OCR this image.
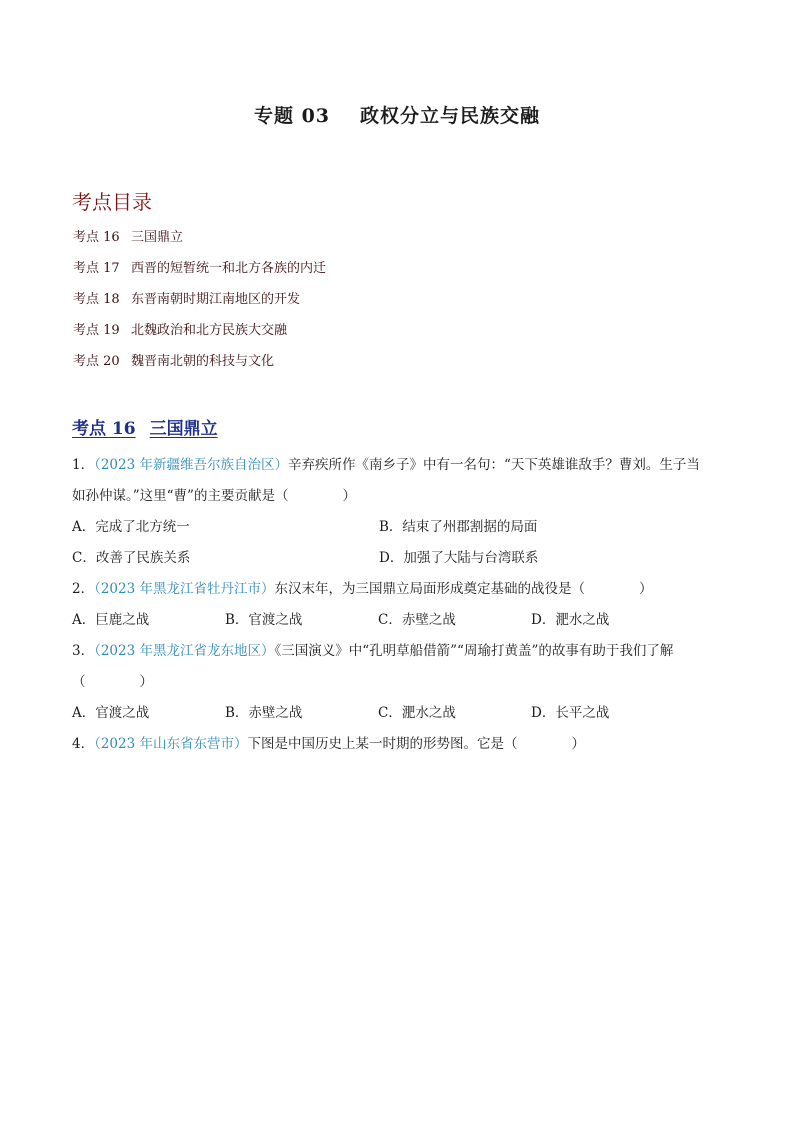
专题 03 政权分立与民族交融
考点目录
考点 16 三国鼎立
考点 17 西晋的短暂统一和北方各族的内迁
考点 18 东晋南朝时期江南地区的开发
考点 19 北魏政治和北方民族大交融
考点 20 魏晋南北朝的科技与文化
考点 16 三国鼎立
1．（2023 年新疆维吾尔族自治区）辛弃疾所作《南乡子》中有一名句：“天下英雄谁敌手？曹刘。生子当
如孙仲谋。”这里“曹”的主要贡献是（　　　　）
A．完成了北方统一	B．结束了州郡割据的局面
C．改善了民族关系	D．加强了大陆与台湾联系
2．（2023 年黑龙江省牡丹江市）东汉末年，为三国鼎立局面形成奠定基础的战役是（　　　　）
A．巨鹿之战	B．官渡之战	C．赤壁之战	D．淝水之战
3．（2023 年黑龙江省龙东地区）《三国演义》中“孔明草船借箭”“周瑜打黄盖”的故事有助于我们了解
（　　　　）
A．官渡之战	B．赤壁之战	C．淝水之战	D．长平之战
4．（2023 年山东省东营市）下图是中国历史上某一时期的形势图。它是（　　　　）
